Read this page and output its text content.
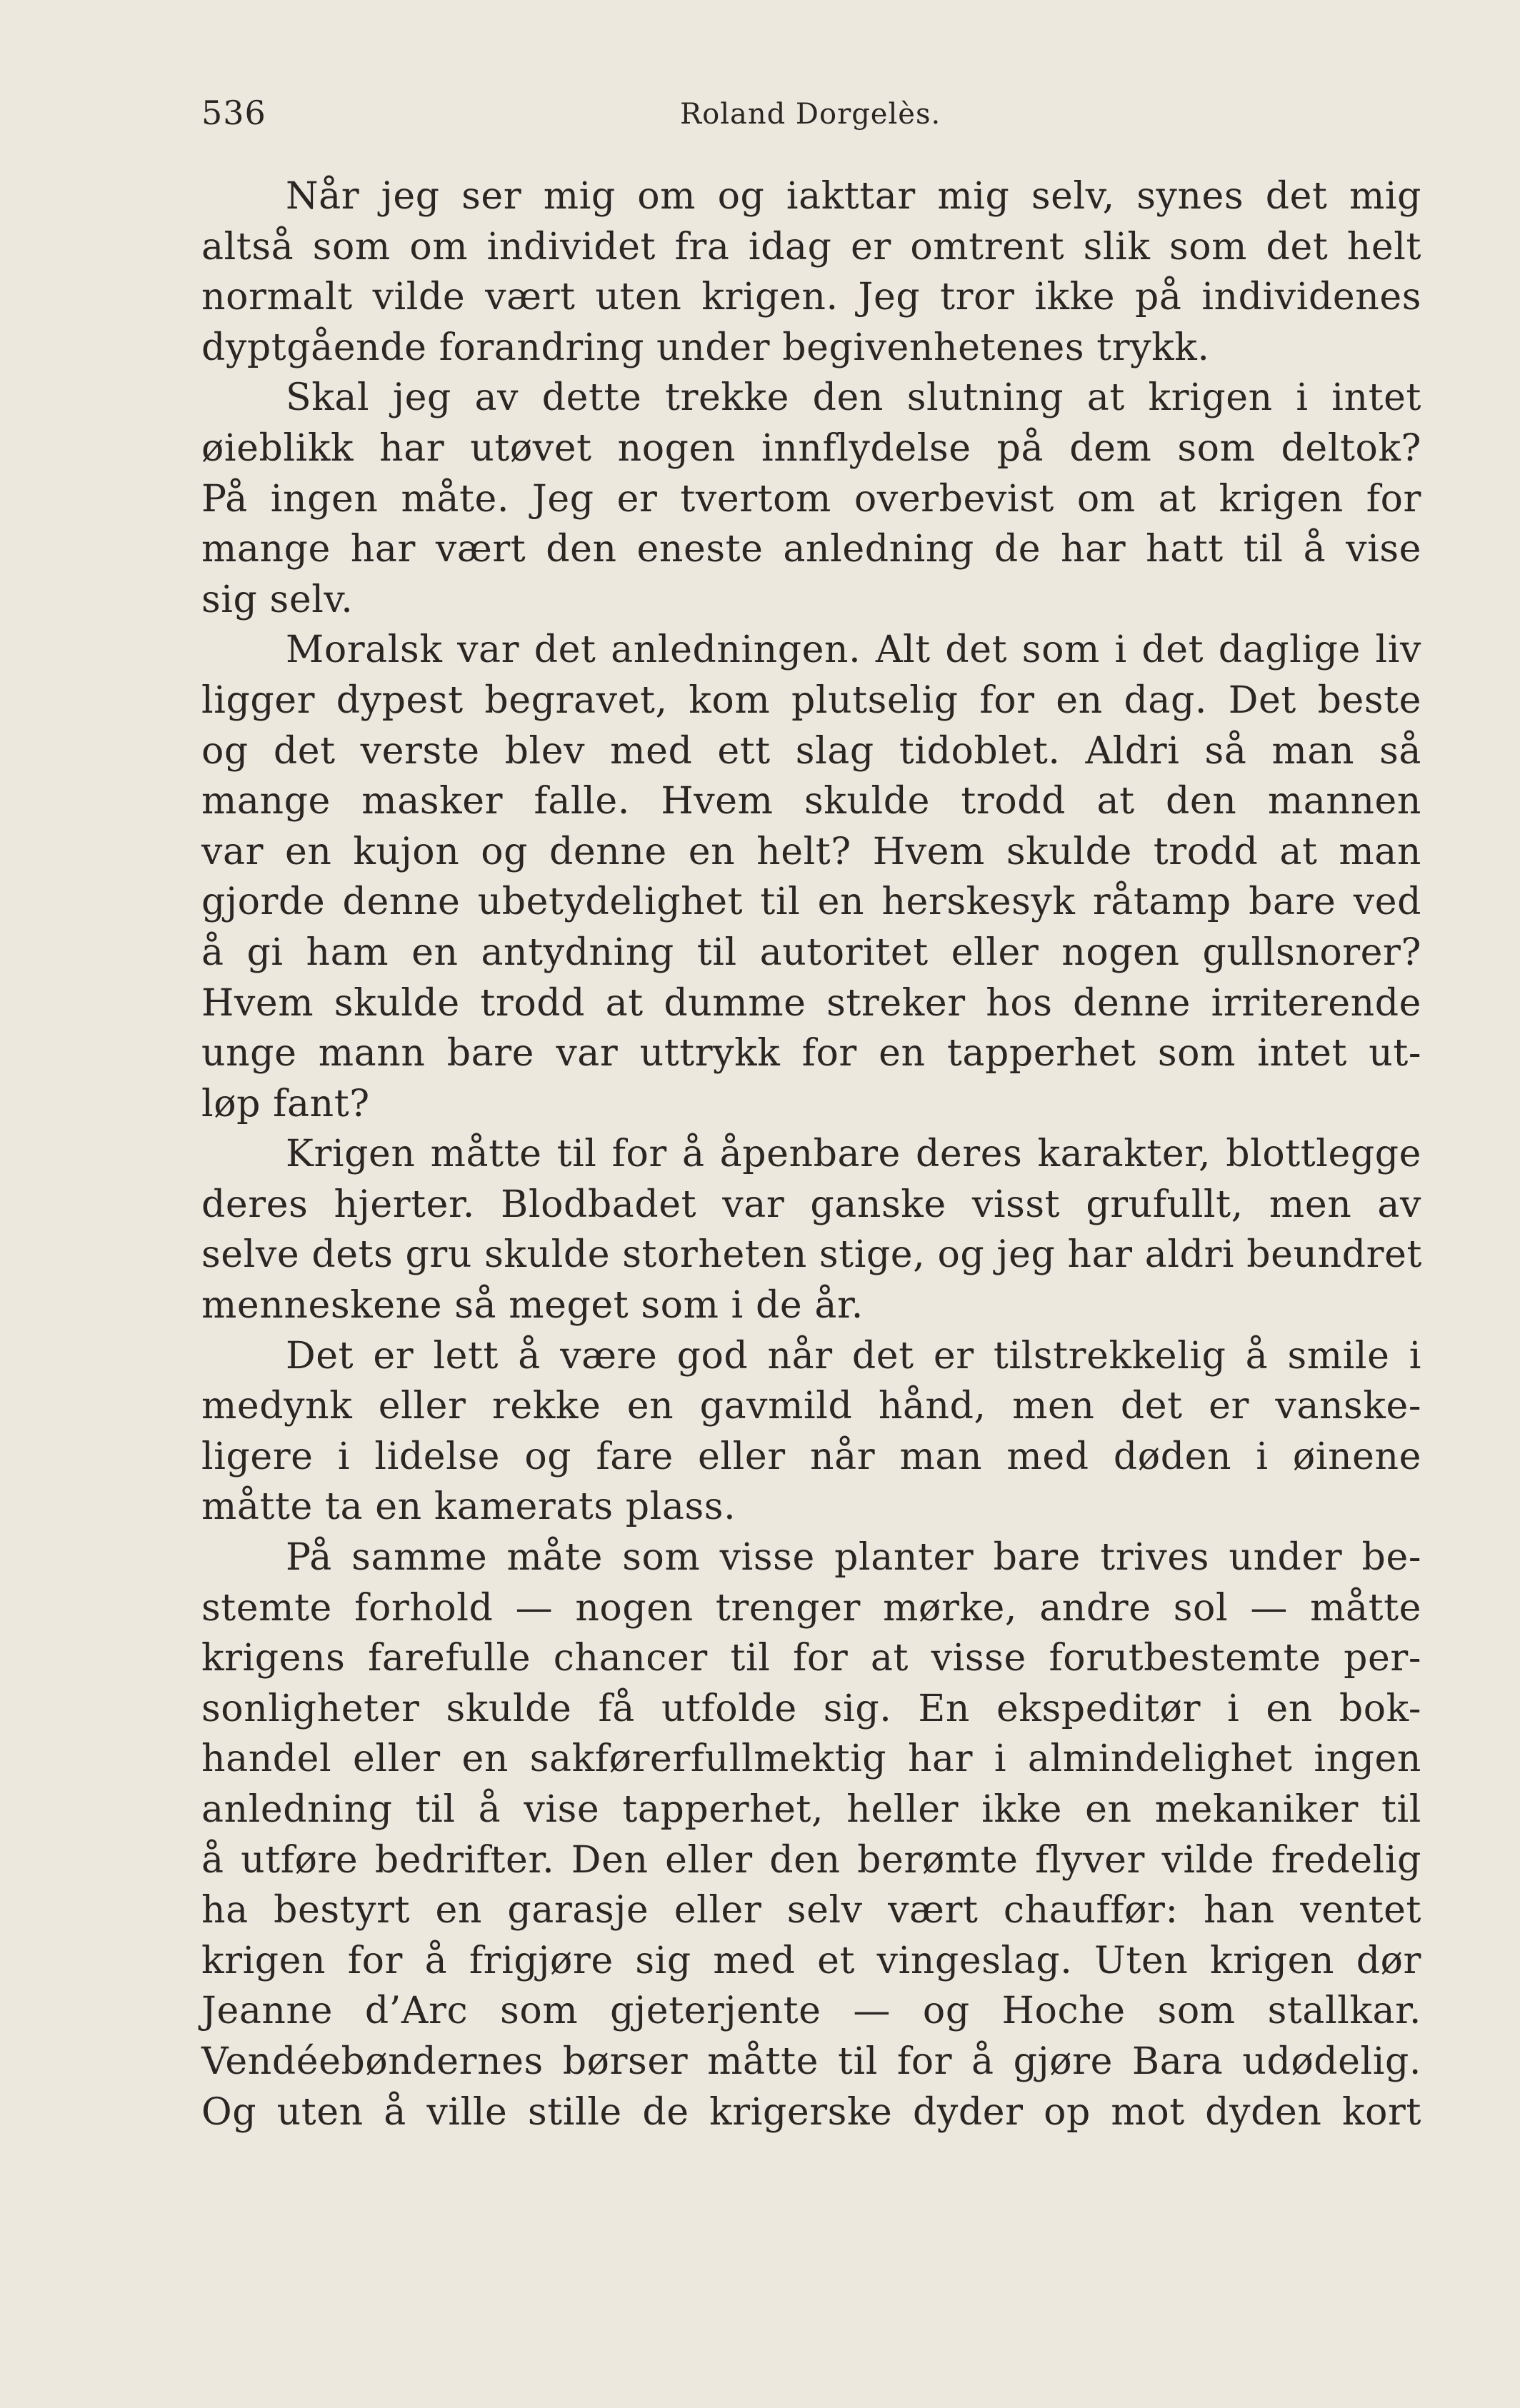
536	Roland Dorgelès.
Når jeg ser mig om og iakttar mig selv, synes det mig
altså som om individet fra idag er omtrent slik som det helt
normalt vilde vært uten krigen. Jeg tror ikke på individenes
dyptgående forandring under begivenhetenes trykk.
Skal jeg av dette trekke den slutning at krigen i intet
øieblikk har utøvet nogen innflydelse på dem som deltok?
På ingen måte. Jeg er tvertom overbevist om at krigen for
mange har vært den eneste anledning de har hatt til å vise
sig selv.
Moralsk var det anledningen. Alt det som i det daglige liv
ligger dypest begravet, kom plutselig for en dag. Det beste
og det verste blev med ett slag tidoblet. Aldri så man så
mange masker falle. Hvem skulde trodd at den mannen
var en kujon og denne en helt? Hvem skulde trodd at man
gjorde denne ubetydelighet til en herskesyk råtamp bare ved
å gi ham en antydning til autoritet eller nogen gullsnorer?
Hvem skulde trodd at dumme streker hos denne irriterende
unge mann bare var uttrykk for en tapperhet som intet ut-
løp fant?
Krigen måtte til for å åpenbare deres karakter, blottlegge
deres hjerter. Blodbadet var ganske visst grufullt, men av
selve dets gru skulde storheten stige, og jeg har aldri beundret
menneskene så meget som i de år.
Det er lett å være god når det er tilstrekkelig å smile i
medynk eller rekke en gavmild hånd, men det er vanske-
ligere i lidelse og fare eller når man med døden i øinene
måtte ta en kamerats plass.
På samme måte som visse planter bare trives under be-
stemte forhold — nogen trenger mørke, andre sol — måtte
krigens farefulle chancer til for at visse forutbestemte per-
sonligheter skulde få utfolde sig. En ekspeditør i en bok-
handel eller en sakførerfullmektig har i almindelighet ingen
anledning til å vise tapperhet, heller ikke en mekaniker til
å utføre bedrifter. Den eller den berømte flyver vilde fredelig
ha bestyrt en garasje eller selv vært chauffør: han ventet
krigen for å frigjøre sig med et vingeslag. Uten krigen dør
Jeanne d’Arc som gjeterjente — og Hoche som stallkar.
Vendéebøndernes børser måtte til for å gjøre Bara udødelig.
Og uten å ville stille de krigerske dyder op mot dyden kort
